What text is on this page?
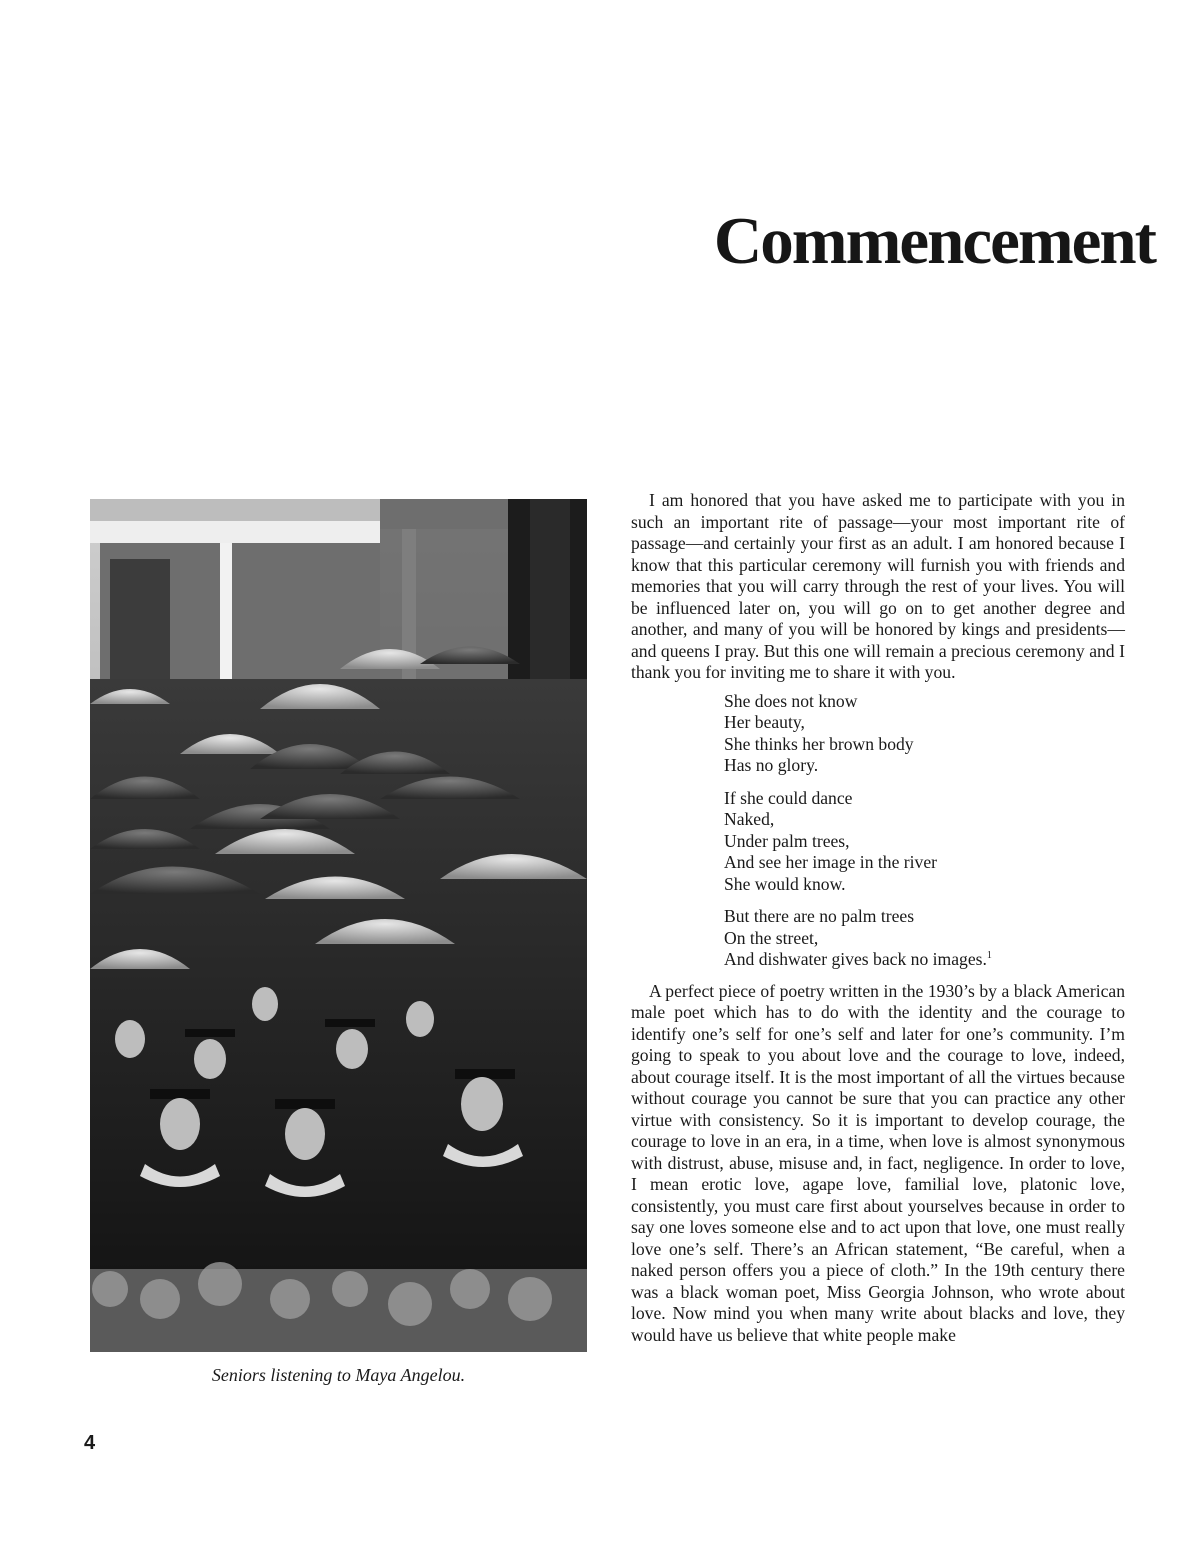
Commencement

Seniors listening to Maya Angelou.

I am honored that you have asked me to participate with you in such an important rite of passage—your most important rite of passage—and certainly your first as an adult. I am honored because I know that this particular ceremony will furnish you with friends and memories that you will carry through the rest of your lives. You will be influenced later on, you will go on to get another degree and another, and many of you will be honored by kings and presidents—and queens I pray. But this one will remain a precious ceremony and I thank you for inviting me to share it with you.

She does not know
Her beauty,
She thinks her brown body
Has no glory.
If she could dance
Naked,
Under palm trees,
And see her image in the river
She would know.
But there are no palm trees
On the street,
And dishwater gives back no images.$^1$

A perfect piece of poetry written in the 1930’s by a black American male poet which has to do with the identity and the courage to identify one’s self for one’s self and later for one’s community. I’m going to speak to you about love and the courage to love, indeed, about courage itself. It is the most important of all the virtues because without courage you cannot be sure that you can practice any other virtue with consistency. So it is important to develop courage, the courage to love in an era, in a time, when love is almost synonymous with distrust, abuse, misuse and, in fact, negligence. In order to love, I mean erotic love, agape love, familial love, platonic love, consistently, you must care first about yourselves because in order to say one loves someone else and to act upon that love, one must really love one’s self. There’s an African statement, “Be careful, when a naked person offers you a piece of cloth.” In the 19th century there was a black woman poet, Miss Georgia Johnson, who wrote about love. Now mind you when many write about blacks and love, they would have us believe that white people make

4
